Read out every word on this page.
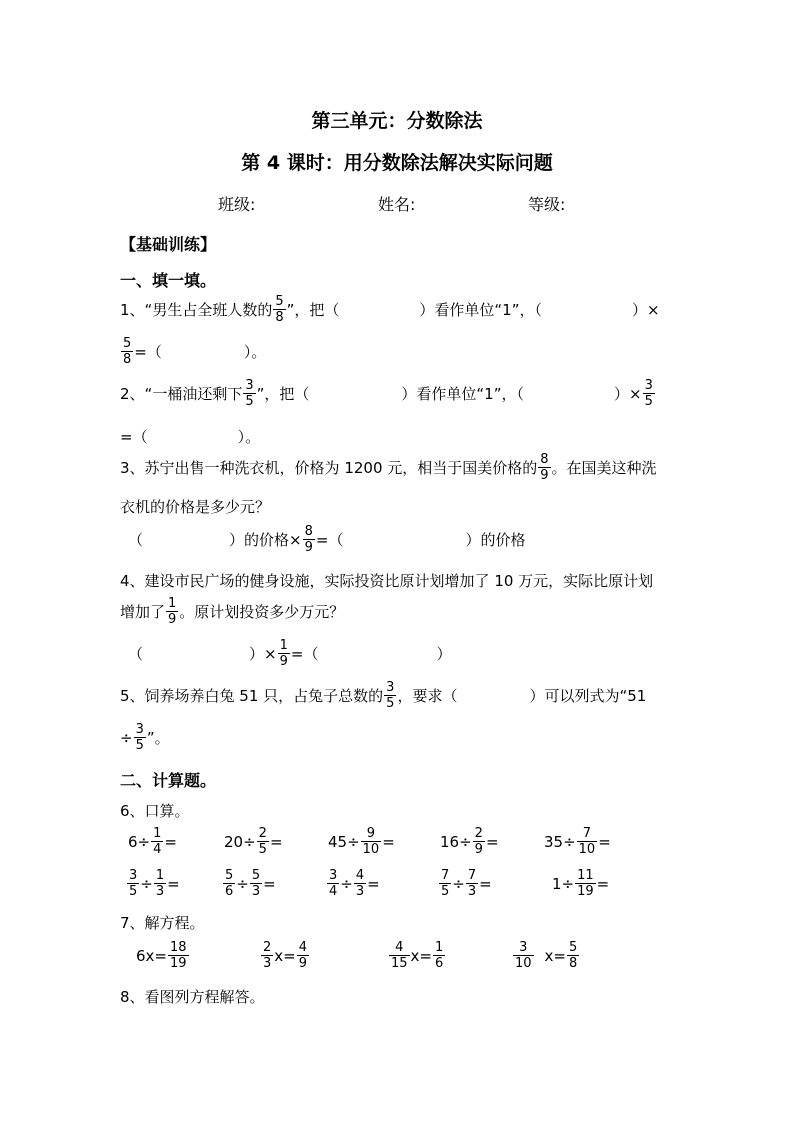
第三单元：分数除法
第 4 课时：用分数除法解决实际问题
班级:	姓名:	等级:
【基础训练】
一、填一填。
1、“男生占全班人数的 $\frac{5}{8}$ ”，把（	）看作单位“1”，（	）×
$\frac{5}{8}$ =（	）。
2、“一桶油还剩下 $\frac{3}{5}$ ”，把（	）看作单位“1”，（	）× $\frac{3}{5}$
=（	）。
3、苏宁出售一种洗衣机，价格为 1200 元，相当于国美价格的 $\frac{8}{9}$ 。在国美这种洗
衣机的价格是多少元？
（	）的价格× $\frac{8}{9}$ =（	）的价格
4、建设市民广场的健身设施，实际投资比原计划增加了 10 万元，实际比原计划
增加了 $\frac{1}{9}$ 。原计划投资多少万元？
（	）× $\frac{1}{9}$ =（	）
5、饲养场养白兔 51 只，占兔子总数的 $\frac{3}{5}$ ，要求（	）可以列式为“51
÷ $\frac{3}{5}$ ”。
二、计算题。
6、口算。
$6\div \frac{1}{4}$ =	$20\div \frac{2}{5}$ =	$45\div \frac{9}{10}$ =	$16\div \frac{2}{9}$ =	$35\div \frac{7}{10}$ =
$\frac{3}{5} \div \frac{1}{3}$ =	$\frac{5}{6} \div \frac{5}{3}$ =	$\frac{3}{4} \div \frac{4}{3}$ =	$\frac{7}{5} \div \frac{7}{3}$ =	$1\div \frac{11}{19}$ =
7、解方程。
$6x= \frac{18}{19}$	$\frac{2}{3} x= \frac{4}{9}$	$\frac{4}{15} x= \frac{1}{6}$	$\frac{3}{10} x= \frac{5}{8}$
8、看图列方程解答。
